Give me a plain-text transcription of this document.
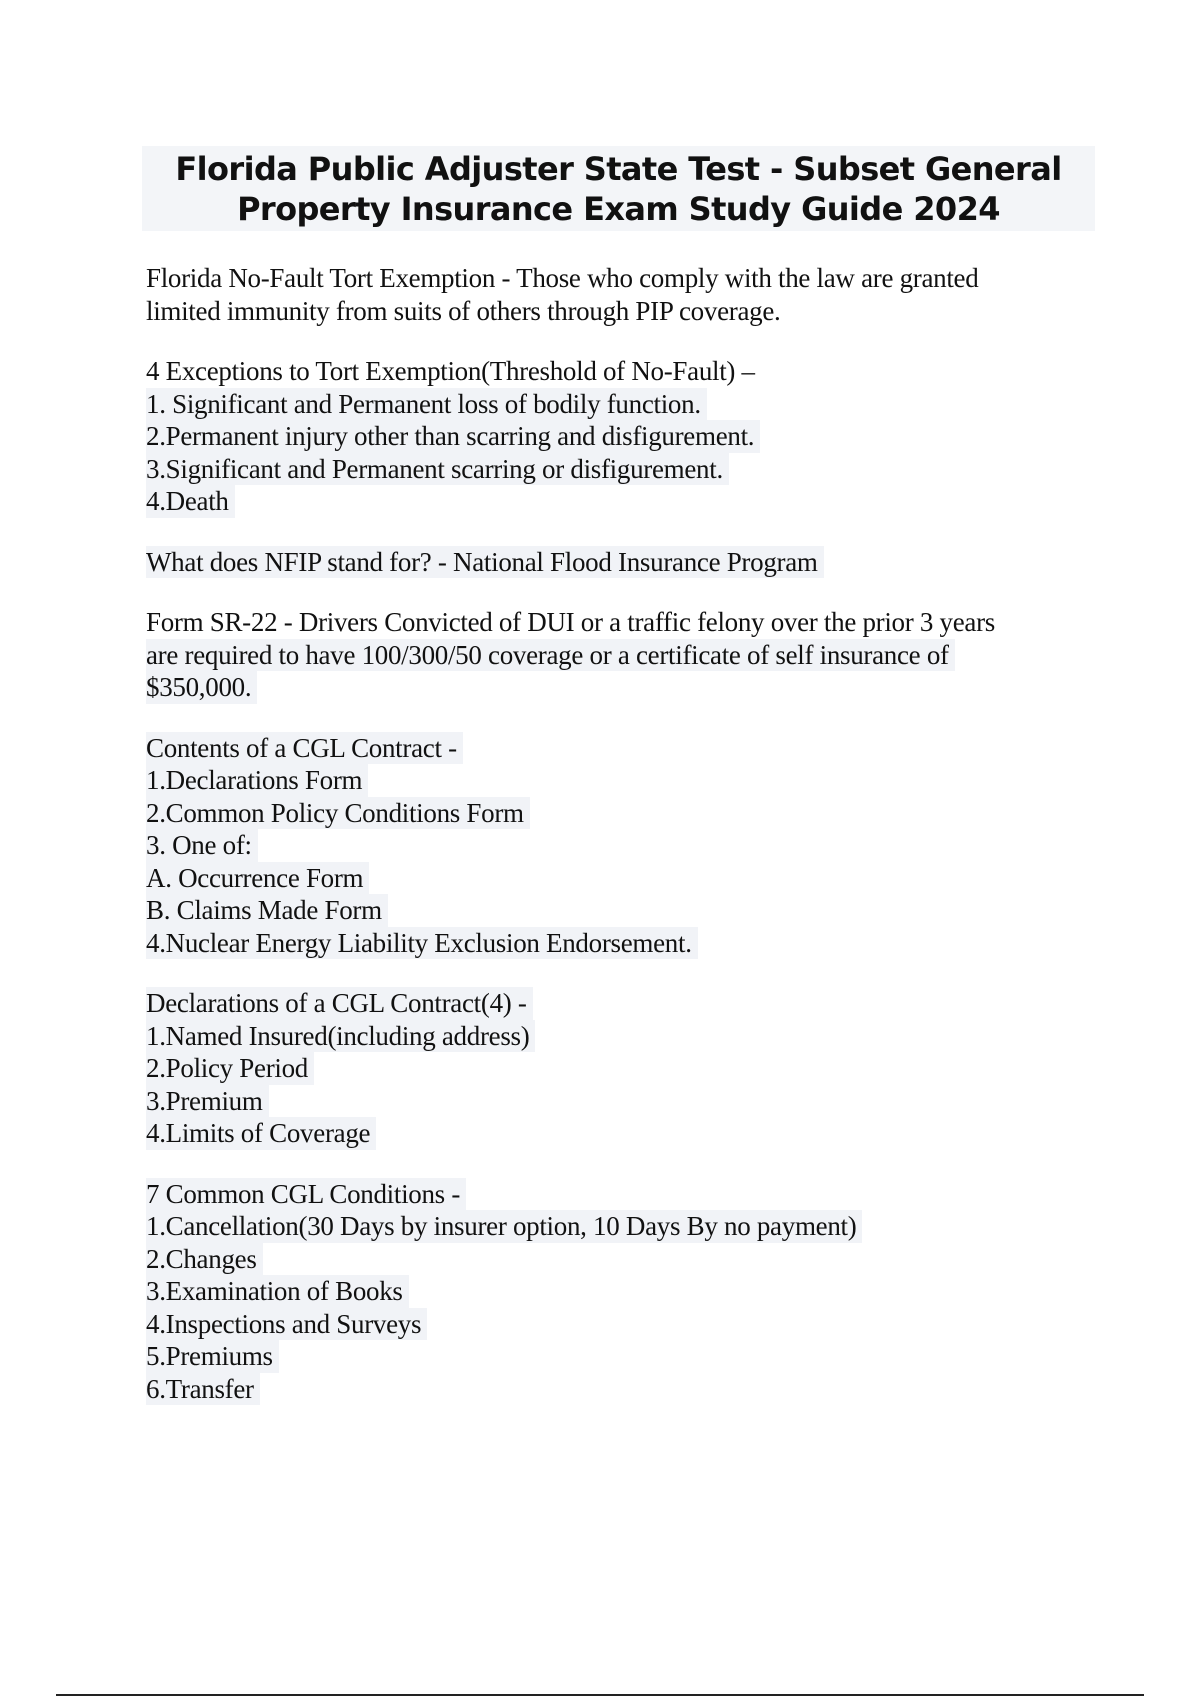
Florida Public Adjuster State Test - Subset General
Property Insurance Exam Study Guide 2024
Florida No-Fault Tort Exemption - Those who comply with the law are granted
limited immunity from suits of others through PIP coverage.
4 Exceptions to Tort Exemption(Threshold of No-Fault) –
1. Significant and Permanent loss of bodily function.
2.Permanent injury other than scarring and disfigurement.
3.Significant and Permanent scarring or disfigurement.
4.Death
What does NFIP stand for? - National Flood Insurance Program
Form SR-22 - Drivers Convicted of DUI or a traffic felony over the prior 3 years
are required to have 100/300/50 coverage or a certificate of self insurance of
$350,000.
Contents of a CGL Contract -
1.Declarations Form
2.Common Policy Conditions Form
3. One of:
A. Occurrence Form
B. Claims Made Form
4.Nuclear Energy Liability Exclusion Endorsement.
Declarations of a CGL Contract(4) -
1.Named Insured(including address)
2.Policy Period
3.Premium
4.Limits of Coverage
7 Common CGL Conditions -
1.Cancellation(30 Days by insurer option, 10 Days By no payment)
2.Changes
3.Examination of Books
4.Inspections and Surveys
5.Premiums
6.Transfer
